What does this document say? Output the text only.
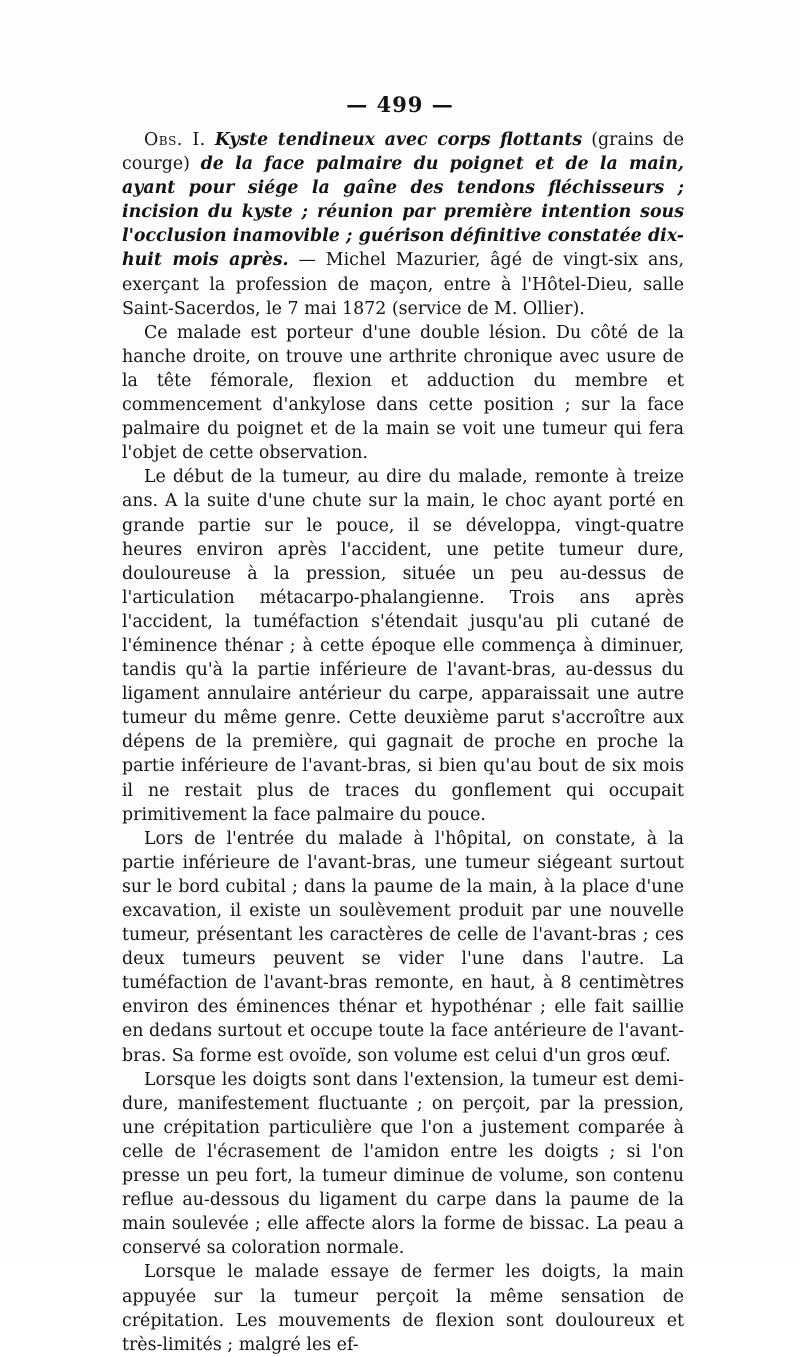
— 499 —

Obs. I. Kyste tendineux avec corps flottants (grains de courge) de la face palmaire du poignet et de la main, ayant pour siége la gaîne des tendons fléchisseurs ; incision du kyste ; réunion par première intention sous l'occlusion inamovible ; guérison définitive constatée dix-huit mois après. — Michel Mazurier, âgé de vingt-six ans, exerçant la profession de maçon, entre à l'Hôtel-Dieu, salle Saint-Sacerdos, le 7 mai 1872 (service de M. Ollier).

Ce malade est porteur d'une double lésion. Du côté de la hanche droite, on trouve une arthrite chronique avec usure de la tête fémorale, flexion et adduction du membre et commencement d'ankylose dans cette position ; sur la face palmaire du poignet et de la main se voit une tumeur qui fera l'objet de cette observation.

Le début de la tumeur, au dire du malade, remonte à treize ans. A la suite d'une chute sur la main, le choc ayant porté en grande partie sur le pouce, il se développa, vingt-quatre heures environ après l'accident, une petite tumeur dure, douloureuse à la pression, située un peu au-dessus de l'articulation métacarpo-phalangienne. Trois ans après l'accident, la tuméfaction s'étendait jusqu'au pli cutané de l'éminence thénar ; à cette époque elle commença à diminuer, tandis qu'à la partie inférieure de l'avant-bras, au-dessus du ligament annulaire antérieur du carpe, apparaissait une autre tumeur du même genre. Cette deuxième parut s'accroître aux dépens de la première, qui gagnait de proche en proche la partie inférieure de l'avant-bras, si bien qu'au bout de six mois il ne restait plus de traces du gonflement qui occupait primitivement la face palmaire du pouce.

Lors de l'entrée du malade à l'hôpital, on constate, à la partie inférieure de l'avant-bras, une tumeur siégeant surtout sur le bord cubital ; dans la paume de la main, à la place d'une excavation, il existe un soulèvement produit par une nouvelle tumeur, présentant les caractères de celle de l'avant-bras ; ces deux tumeurs peuvent se vider l'une dans l'autre. La tuméfaction de l'avant-bras remonte, en haut, à 8 centimètres environ des éminences thénar et hypothénar ; elle fait saillie en dedans surtout et occupe toute la face antérieure de l'avant-bras. Sa forme est ovoïde, son volume est celui d'un gros œuf.

Lorsque les doigts sont dans l'extension, la tumeur est demi-dure, manifestement fluctuante ; on perçoit, par la pression, une crépitation particulière que l'on a justement comparée à celle de l'écrasement de l'amidon entre les doigts ; si l'on presse un peu fort, la tumeur diminue de volume, son contenu reflue au-dessous du ligament du carpe dans la paume de la main soulevée ; elle affecte alors la forme de bissac. La peau a conservé sa coloration normale.

Lorsque le malade essaye de fermer les doigts, la main appuyée sur la tumeur perçoit la même sensation de crépitation. Les mouvements de flexion sont douloureux et très-limités ; malgré les ef-
